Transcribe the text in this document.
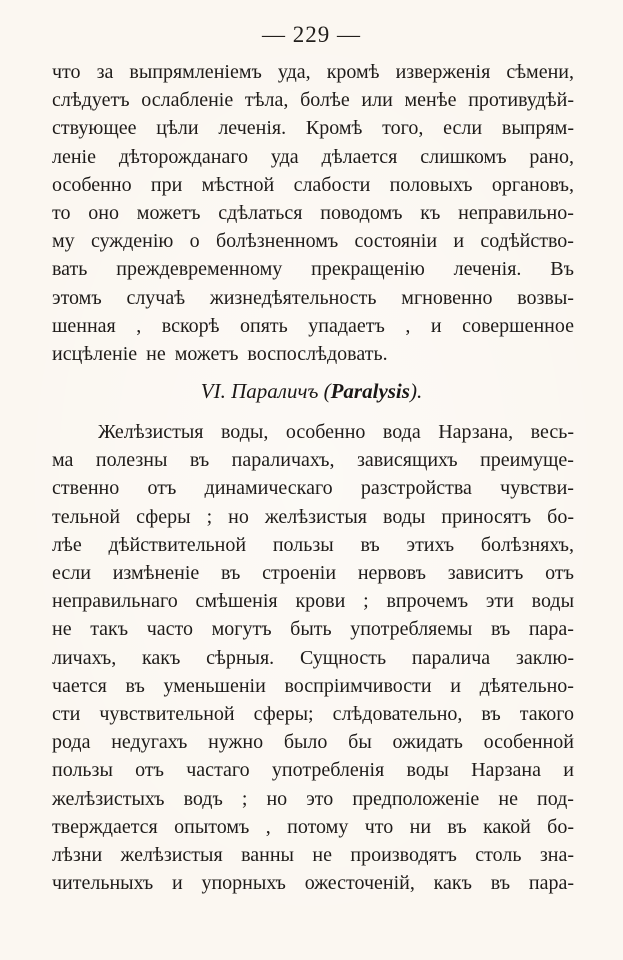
— 229 —
что за выпрямленіемъ уда, кромѣ изверженія сѣмени,
слѣдуетъ ослабленіе тѣла, болѣе или менѣе противудѣй-
ствующее цѣли леченія. Кромѣ того, если выпрям-
леніе дѣторожданаго уда дѣлается слишкомъ рано,
особенно при мѣстной слабости половыхъ органовъ,
то оно можетъ сдѣлаться поводомъ къ неправильно-
му сужденію о болѣзненномъ состояніи и содѣйство-
вать преждевременному прекращенію леченія. Въ
этомъ случаѣ жизнедѣятельность мгновенно возвы-
шенная , вскорѣ опять упадаетъ , и совершенное
исцѣленіе не можетъ воспослѣдовать.
Желѣзистыя воды, особенно вода Нарзана, весь-
ма полезны въ параличахъ, зависящихъ преимуще-
ственно отъ динамическаго разстройства чувстви-
тельной сферы ; но желѣзистыя воды приносятъ бо-
лѣе дѣйствительной пользы въ этихъ болѣзняхъ,
если измѣненіе въ строеніи нервовъ зависитъ отъ
неправильнаго смѣшенія крови ; впрочемъ эти воды
не такъ часто могутъ быть употребляемы въ пара-
личахъ, какъ сѣрныя. Сущность паралича заклю-
чается въ уменьшеніи воспріимчивости и дѣятельно-
сти чувствительной сферы; слѣдовательно, въ такого
рода недугахъ нужно было бы ожидать особенной
пользы отъ частаго употребленія воды Нарзана и
желѣзистыхъ водъ ; но это предположеніе не под-
тверждается опытомъ , потому что ни въ какой бо-
лѣзни желѣзистыя ванны не производятъ столь зна-
чительныхъ и упорныхъ ожесточеній, какъ въ пара-
VI. Параличъ (Paralysis).
